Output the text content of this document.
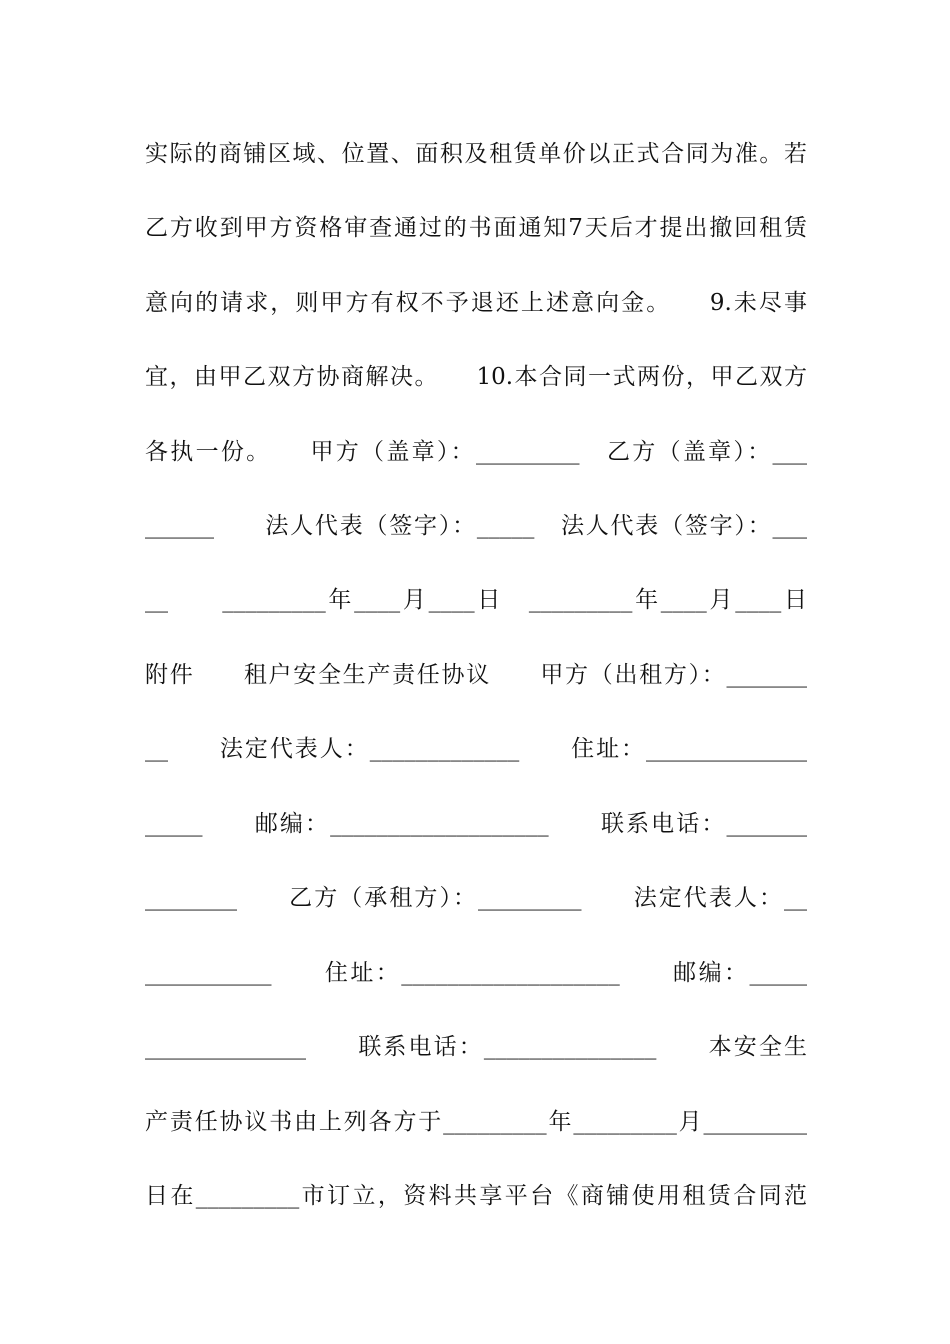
实际的商铺区域、位置、面积及租赁单价以正式合同为准。若
乙方收到甲方资格审查通过的书面通知7天后才提出撤回租赁
意向的请求，则甲方有权不予退还上述意向金。　　9.未尽事
宜，由甲乙双方协商解决。　　10.本合同一式两份，甲乙双方
各执一份。　　甲方（盖章）：_________　乙方（盖章）：___
______　　法人代表（签字）：_____　法人代表（签字）：___
__　　_________年____月____日　_________年____月____日
附件　　租户安全生产责任协议　　甲方（出租方）：_______
__　　法定代表人：_____________　　住址：______________
_____　　邮编：___________________　　联系电话：_______
________　　乙方（承租方）：_________　　法定代表人：__
___________　　住址：___________________　　邮编：_____
______________　　联系电话：_______________　　本安全生
产责任协议书由上列各方于_________年_________月_________
日在_________市订立，资料共享平台《商铺使用租赁合同范
